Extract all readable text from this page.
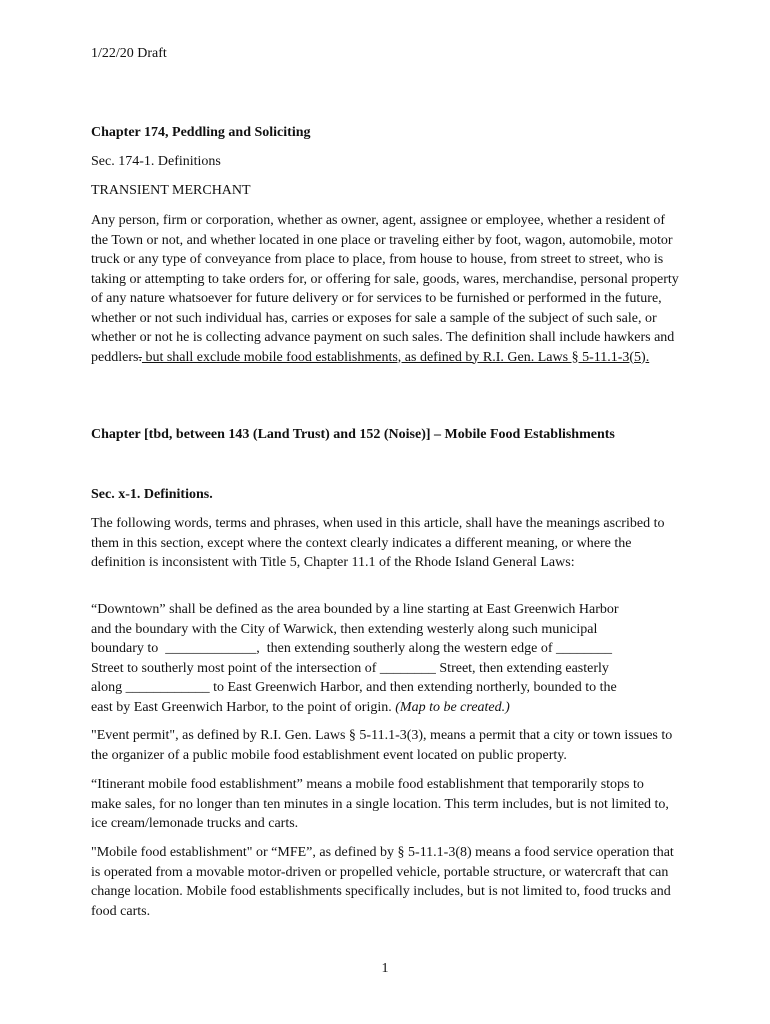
1/22/20 Draft
Chapter 174, Peddling and Soliciting
Sec. 174-1. Definitions
TRANSIENT MERCHANT
Any person, firm or corporation, whether as owner, agent, assignee or employee, whether a resident of the Town or not, and whether located in one place or traveling either by foot, wagon, automobile, motor truck or any type of conveyance from place to place, from house to house, from street to street, who is taking or attempting to take orders for, or offering for sale, goods, wares, merchandise, personal property of any nature whatsoever for future delivery or for services to be furnished or performed in the future, whether or not such individual has, carries or exposes for sale a sample of the subject of such sale, or whether or not he is collecting advance payment on such sales. The definition shall include hawkers and peddlers. but shall exclude mobile food establishments, as defined by R.I. Gen. Laws § 5-11.1-3(5).
Chapter [tbd, between 143 (Land Trust) and 152 (Noise)] – Mobile Food Establishments
Sec. x-1. Definitions.
The following words, terms and phrases, when used in this article, shall have the meanings ascribed to them in this section, except where the context clearly indicates a different meaning, or where the definition is inconsistent with Title 5, Chapter 11.1 of the Rhode Island General Laws:
“Downtown” shall be defined as the area bounded by a line starting at East Greenwich Harbor
and the boundary with the City of Warwick, then extending westerly along such municipal
boundary to  _____________,  then extending southerly along the western edge of ________
Street to southerly most point of the intersection of ________ Street, then extending easterly
along ____________ to East Greenwich Harbor, and then extending northerly, bounded to the
east by East Greenwich Harbor, to the point of origin. (Map to be created.)
"Event permit", as defined by R.I. Gen. Laws § 5-11.1-3(3), means a permit that a city or town issues to the organizer of a public mobile food establishment event located on public property.
“Itinerant mobile food establishment” means a mobile food establishment that temporarily stops to make sales, for no longer than ten minutes in a single location. This term includes, but is not limited to, ice cream/lemonade trucks and carts.
"Mobile food establishment" or “MFE”, as defined by § 5-11.1-3(8) means a food service operation that is operated from a movable motor-driven or propelled vehicle, portable structure, or watercraft that can change location. Mobile food establishments specifically includes, but is not limited to, food trucks and food carts.
1
